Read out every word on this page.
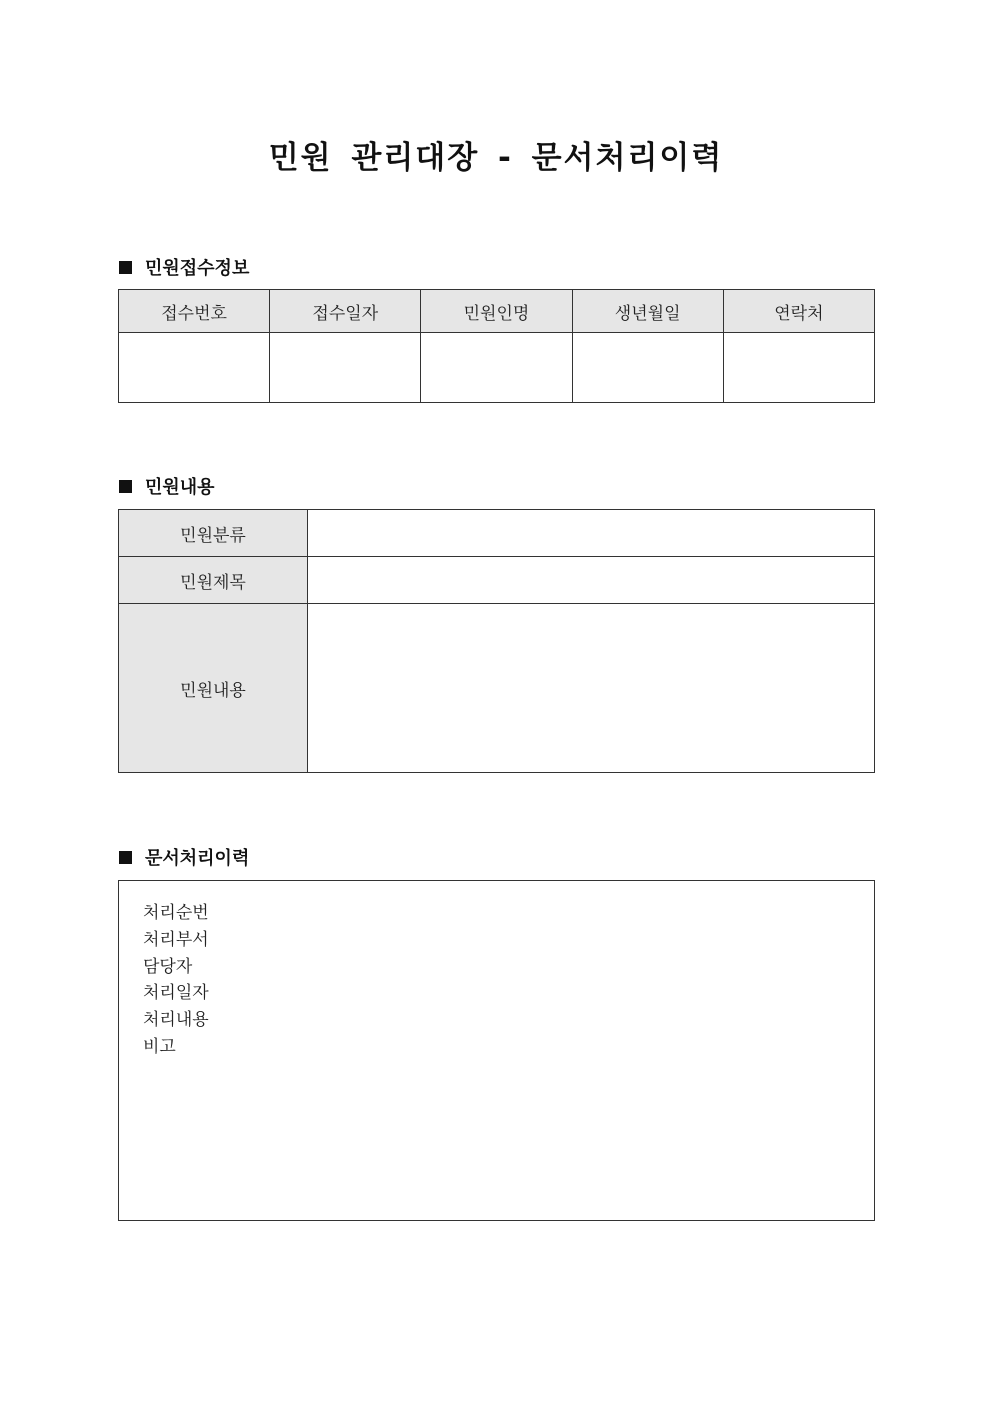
민원 관리대장 - 문서처리이력
민원접수정보
접수번호	접수일자	민원인명	생년월일	연락처

민원내용
민원분류	
민원제목	
민원내용	
문서처리이력
처리순번
처리부서
담당자
처리일자
처리내용
비고
